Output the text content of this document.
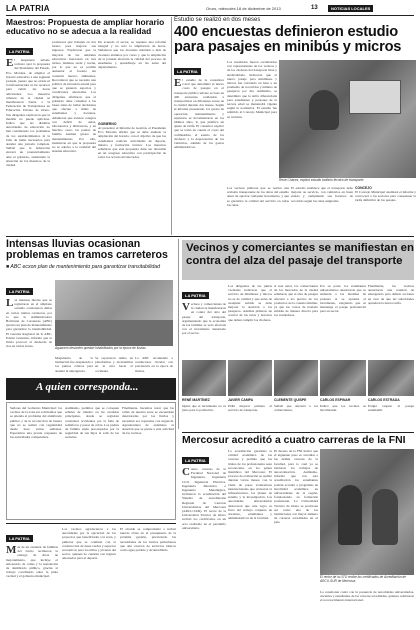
LA PATRIA	Oruro, miércoles 18 de diciembre de 2013	13	NOTICIAS LOCALES
Maestros: Propuesta de ampliar horario educativo no se adecua a la realidad
LA PATRIA
El magisterio urbano rechazó ayer la propuesta del Presidente del Estado, Evo Morales, de ampliar el horario educativo a una segunda jornada, puesto que no existe ni la infraestructura ni los recursos para cubrir las horas adicionales. Los maestros urbanos de la ciudad se manifestaron frente a la Federación de Trabajadores en Educación Urbana de Oruro. Sus dirigentes explicaron que la medida no puede aplicarse. Indicó que las distintas autoridades de educación no han considerado los problemas de los establecimientos ni la falta de ítems necesarios para atender una jornada completa. Señaló que la federación elevará un pronunciamiento ante el gobierno, analizando la situación de los maestros de la ciudad.
profesores que trabajan en dos turnos para mejorar sus ingresos. Explicaron que la mayoría de las unidades educativas funcionan en tres turnos, mañana, tarde y noche, por lo que no es posible aumentar el horario sin construir nuevos ambientes. Recordaron que se necesita una política de inversión estatal para que se generen espacios y condiciones adecuadas. Los dirigentes afirmaron que el gobierno debe consultar a las bases antes de tomar decisiones que afectan a miles de estudiantes y docentes. Añadieron que existen colegios con déficit de aulas, laboratorios y bibliotecas, y en muchos casos los padres de familia asumen gastos de mantenimiento. Por ello, insistieron en que la propuesta no se adecua a la realidad del sistema educativo.
De acuerdo al sector, se requiere una reforma integral y no solo la ampliación de horas. Señalaron que los docentes atienden a más de cuarenta alumnos por curso y que la ampliación de la jornada afectaría la calidad del proceso de enseñanza y aprendizaje en las aulas del departamento.
GOBIERNO
Al presentar el Informe de Gestión, el Presidente Evo Morales afirmó que se debe analizar la ampliación del horario, con el objetivo de que los estudiantes realicen actividades de deporte, música y formación técnica. Los maestros señalaron que esta propuesta debe ser discutida en un congreso educativo con participación de todos los actores involucrados.
Estudio se realizó en dos meses
400 encuestas definieron estudio para pasajes en minibús y micros
LA PATRIA
El estudio de la consultora Caral que determinó el nuevo costo de pasajes en el transporte público urbano se basó en 400 encuestas realizadas a transportistas en diferentes zonas de la ciudad durante dos meses. Según el informe presentado, los gastos de operación, mantenimiento y repuestos se incrementaron en los últimos años, lo que justifica un ajuste de tarifa. El consultor explicó que se tomó en cuenta el costo del combustible, el salario de los choferes y la depreciación de los vehículos, además de los gastos administrativos.
Los resultados fueron socializados con representantes de los vecinos y de los choferes del transporte libre y sindicalizado. Indicaron que el nuevo pasaje para minibuses y micros fue calculado en base a un promedio de recorridos y número de pasajeros por día. Asimismo, se determinó que la tarifa diferenciada para estudiantes y personas de la tercera edad se mantendrá vigente según la normativa. El estudio fue remitido al Concejo Municipal para su revisión.
René Chávez, explicó estudio tarifario técnico de transporte.
Los vecinos pidieron que se realice una revisión transparente de los datos del estudio antes de aprobar cualquier incremento, y que se garantice la calidad del servicio en todas las rutas.
El estudio establece que el transporte debe mejorar su servicio, con vehículos en buen estado y cumpliendo sus horarios de recorrido según las rutas asignadas.
CONCEJO
El Concejo Municipal analizará el informe y convocará a los sectores para consensuar la tarifa definitiva de los pasajes.
Intensas lluvias ocasionan problemas en tramos carreteros
■ ABC ecxon plan de mantenimiento para garantizar transitabilidad
LA PATRIA
Las intensas lluvias que se registraron en el altiplano orureño ocasionaron daños en varios tramos carreteros, por lo que la Administradora Boliviana de Carreteras (ABC) ejecuta un plan de mantenimiento para garantizar la transitabilidad. El Gerente Regional de la ABC, Edwin Gonzales, informó que la lluvia provocó el desborde de ríos en varias zonas.	Aguacero desorden quedan inhabilitados por la época de lluvias.
Maquinaria de la institución fue desplazada a los puntos críticos para atender la emergencia.
Se reportaron daños en plataformas y alcantarillas en la ruta hacia el occidente.
La ABC recomendó a conductores circular con precaución en la época de lluvias.
Vecinos y comerciantes se manifiestan en contra del alza del pasaje del transporte
LA PATRIA
Vecinos y comerciantes de la ciudad se manifestaron en contra del alza del pasaje del transporte, argumentando que la economía de las familias se verá afectada con el incremento anunciado por el sector.
Los dirigentes de las juntas vecinales indicaron que el servicio de minibuses y micros no es de calidad y que antes de cualquier subida se debe mejorar la atención a los pasajeros. Además pidieron un control de las rutas y horarios que deben cumplir los choferes.
A este tenor, los comerciantes de los mercados de la ciudad señalaron que el alza de pasajes afectará a los precios de los productos de la canasta familiar, ya que los costos de traslado subirán de manera directa para los vendedores.
Por su parte, los estudiantes universitarios anunciaron que se sumarán a las medidas de protesta si se aprueba el incremento, exigiendo que se mantenga el pasaje preferencial para su sector.
Finalmente, los vecinos anunciaron una reunión de emergencia para definir acciones en caso de que las autoridades aprueben la nueva tarifa.
RENÉ MARTÍNEZ	JAVIER CAMPA	CLEMENTE QUISPE	CARLOS ESPINAR	CARLOS ESTRADA
Opinó que el incremento no es justo para la población.
Pidió mejorar primero el servicio de transporte.
Señaló que afectará a los comerciantes.
Indicó que los vecinos se movilizarán.
Exigió respeto al pasaje estudiantil.
A quien corresponda...
Señores del Gobierno Municipal: los vecinos de la zona sur solicitamos que se atienda el problema del alumbrado público y de la recolección de basura que no se realiza con regularidad desde hace varias semanas. Esperamos una pronta respuesta de las autoridades competentes.
Asimismo, pedimos que se coloquen señales de tránsito en las avenidas principales, donde se registran constantes accidentes por la falta de semáforos y pasos de cebra. Los padres de familia están preocupados por la seguridad de sus hijos al salir de las escuelas.
Finalmente, hacemos notar que las calles de nuestra zona se encuentran deterioradas por las lluvias y necesitan ser reparadas con urgencia. Agradecemos de antemano la atención que se preste a esta solicitud de los vecinos.
Mercosur acreditó a cuatro carreras de la FNI
LA PATRIA
Cuatro carreras de la Facultad Nacional de Ingeniería, Ingeniería Civil, Ingeniería Eléctrica, Ingeniería Mecánica e Ingeniería Metalúrgica, recibieron la acreditación del Sistema de Acreditación Regional de Carreras Universitarias del Mercosur (ARCU-SUR). El rector de la Universidad Técnica de Oruro recibió los certificados en un acto realizado en el paraninfo universitario.
La acreditación garantiza la calidad académica de las carreras y permite que los títulos de los profesionales sean reconocidos en los países miembros del Mercosur. El proceso de evaluación se realizó durante varios meses, con la visita de pares evaluadores internacionales que revisaron la infraestructura, los planes de estudio y la investigación. Las autoridades universitarias destacaron que este logro es fruto del trabajo conjunto de docentes, estudiantes y administrativos de la facultad.
El decano de la FNI indicó que el siguiente paso es acreditar a las demás carreras de la facultad, para lo cual ya se iniciaron los trabajos de autoevaluación. Asimismo, informó que con esta acreditación los estudiantes podrán acceder a programas de movilidad académica en universidades de la región, fortaleciendo su formación profesional. La Universidad Técnica de Oruro se posiciona así como una de las instituciones con mayor número de carreras acreditadas en el país.
El rector de la UTO recibe los certificados de Acreditación de ARCU-SUR de Mercosur.
La ceremonia contó con la presencia de autoridades universitarias, docentes y estudiantes de las carreras acreditadas, quienes celebraron el reconocimiento internacional.
LA PATRIA
Más de un centenar de familias del barrio recibieron la entrega de obras de mejoramiento, que incluye el enlosetado de calles y la instalación de alumbrado público, gracias al trabajo coordinado entre la junta vecinal y el gobierno municipal.
Los vecinos agradecieron a las autoridades por la ejecución de los proyectos que beneficiarán a la zona, y pidieron que se continúe con la construcción de áreas verdes y espacios recreativos para los niños y jóvenes del sector, quienes no cuentan con lugares adecuados para el deporte.
El alcalde se comprometió a incluir nuevas obras en el presupuesto de la próxima gestión, priorizando las necesidades de los barrios periurbanos que aún carecen de servicios básicos como agua potable y alcantarillado.
